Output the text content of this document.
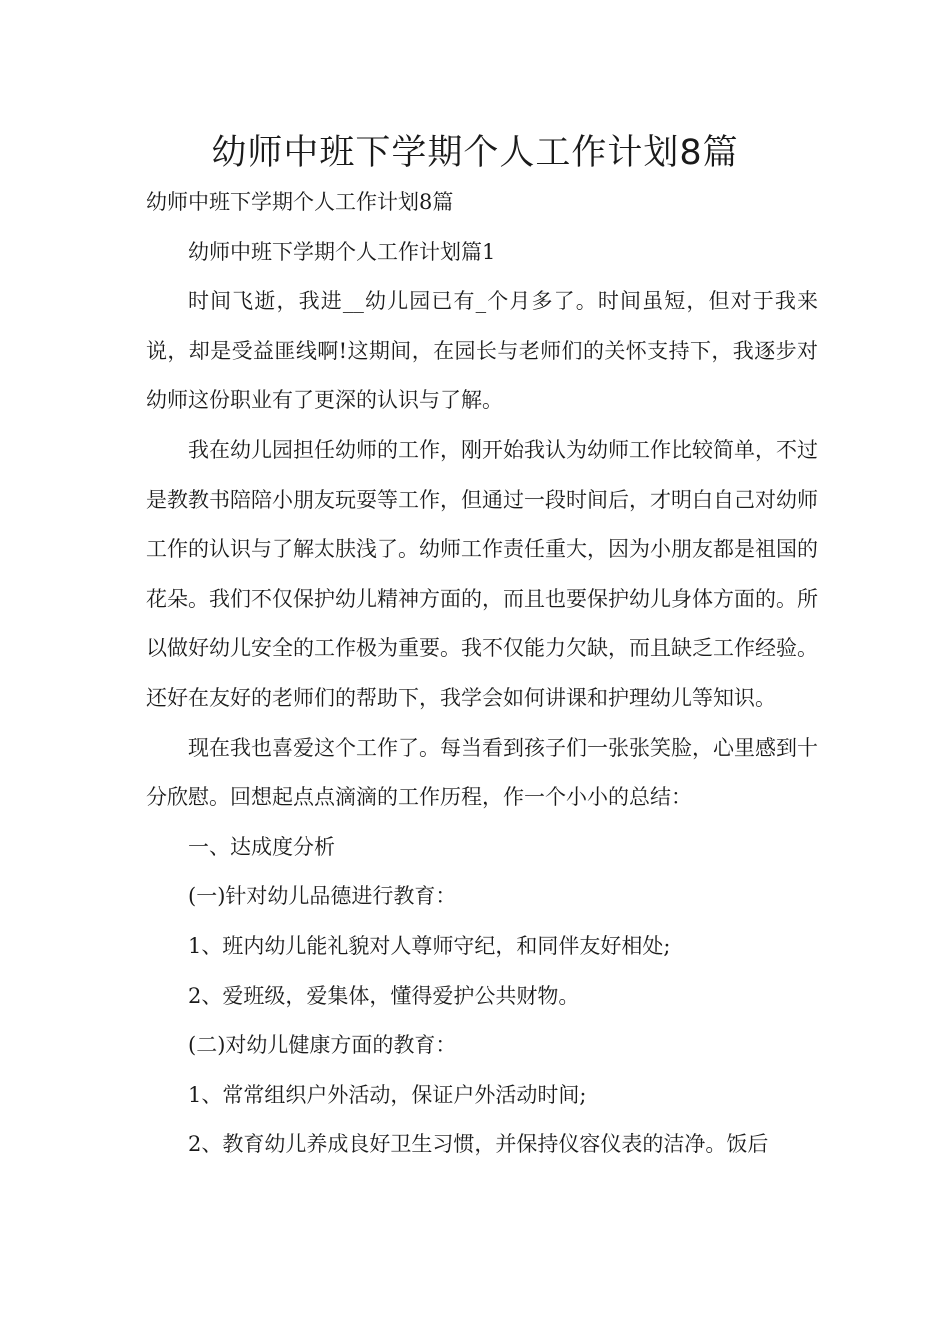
幼师中班下学期个人工作计划8篇

幼师中班下学期个人工作计划8篇

幼师中班下学期个人工作计划篇1

时间飞逝，我进__幼儿园已有_个月多了。时间虽短，但对于我来说，却是受益匪线啊!这期间，在园长与老师们的关怀支持下，我逐步对幼师这份职业有了更深的认识与了解。

我在幼儿园担任幼师的工作，刚开始我认为幼师工作比较简单，不过是教教书陪陪小朋友玩耍等工作，但通过一段时间后，才明白自己对幼师工作的认识与了解太肤浅了。幼师工作责任重大，因为小朋友都是祖国的花朵。我们不仅保护幼儿精神方面的，而且也要保护幼儿身体方面的。所以做好幼儿安全的工作极为重要。我不仅能力欠缺，而且缺乏工作经验。还好在友好的老师们的帮助下，我学会如何讲课和护理幼儿等知识。

现在我也喜爱这个工作了。每当看到孩子们一张张笑脸，心里感到十分欣慰。回想起点点滴滴的工作历程，作一个小小的总结：

一、达成度分析

(一)针对幼儿品德进行教育：

1、班内幼儿能礼貌对人尊师守纪，和同伴友好相处;

2、爱班级，爱集体，懂得爱护公共财物。

(二)对幼儿健康方面的教育：

1、常常组织户外活动，保证户外活动时间;

2、教育幼儿养成良好卫生习惯，并保持仪容仪表的洁净。饭后
